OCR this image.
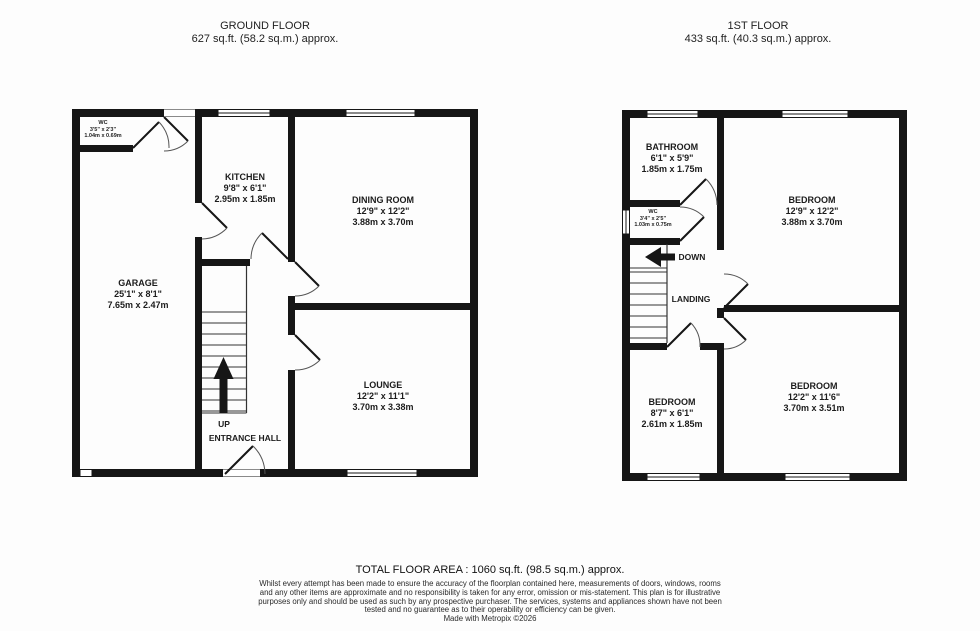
GROUND FLOOR
627 sq.ft. (58.2 sq.m.) approx.
1ST FLOOR
433 sq.ft. (40.3 sq.m.) approx.
WC
3'5" x 2'3"
1.04m x 0.69m
KITCHEN
9'8" x 6'1"
2.95m x 1.85m	DINING ROOM
12'9" x 12'2"
3.88m x 3.70m
GARAGE
25'1" x 8'1"
7.65m x 2.47m
LOUNGE
12'2" x 11'1"
3.70m x 3.38m
UP
ENTRANCE HALL
BATHROOM
6'1" x 5'9"
1.85m x 1.75m
BEDROOM
12'9" x 12'2"
3.88m x 3.70m
WC
3'4" x 2'5"
1.03m x 0.75m
DOWN
LANDING
BEDROOM
8'7" x 6'1"
2.61m x 1.85m
BEDROOM
12'2" x 11'6"
3.70m x 3.51m
TOTAL FLOOR AREA : 1060 sq.ft. (98.5 sq.m.) approx.
Whilst every attempt has been made to ensure the accuracy of the floorplan contained here, measurements of doors, windows, rooms and any other items are approximate and no responsibility is taken for any error, omission or mis-statement. This plan is for illustrative purposes only and should be used as such by any prospective purchaser. The services, systems and appliances shown have not been tested and no guarantee as to their operability or efficiency can be given.
Made with Metropix ©2026
